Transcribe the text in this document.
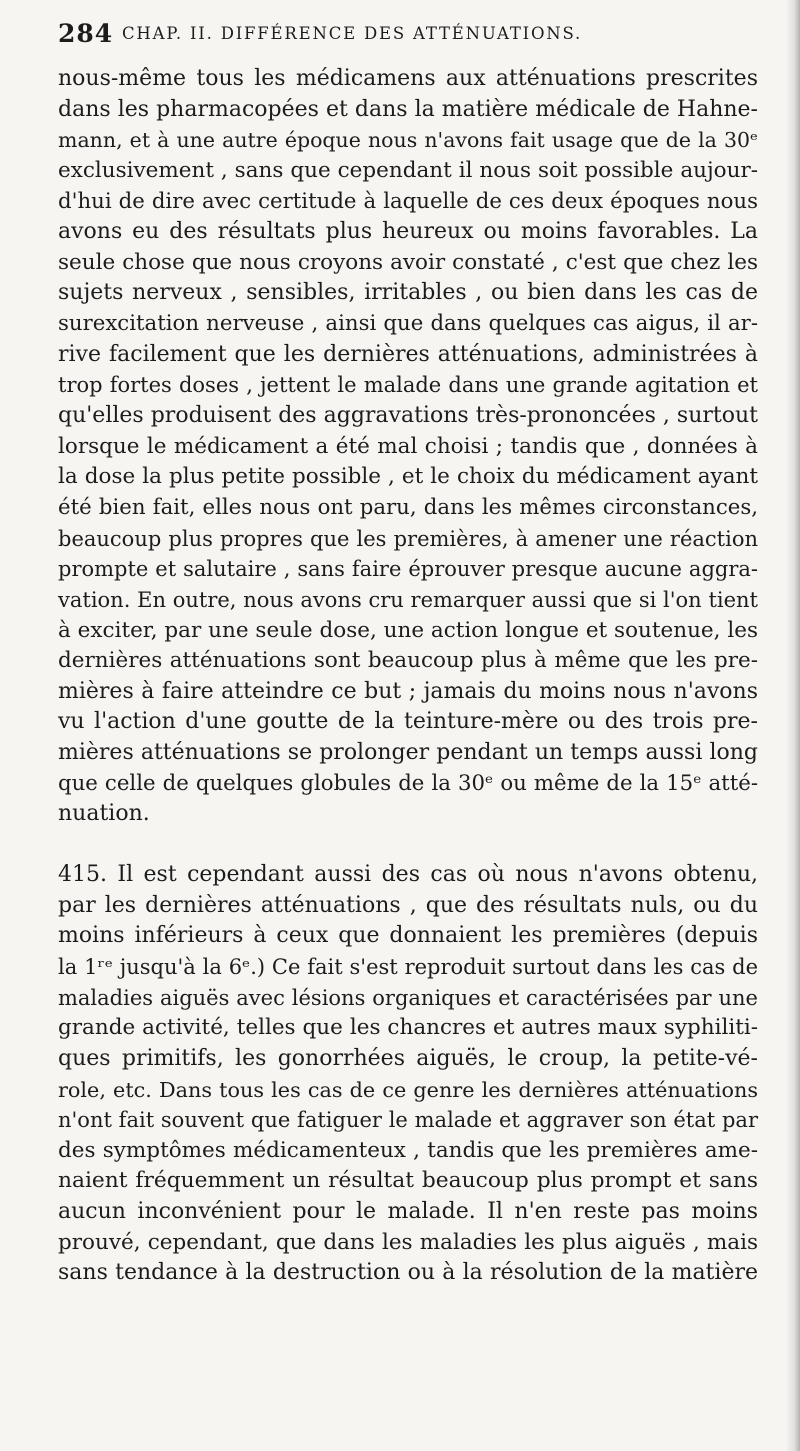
284 CHAP. II. DIFFÉRENCE DES ATTÉNUATIONS.
nous-même tous les médicamens aux atténuations prescrites
dans les pharmacopées et dans la matière médicale de Hahne-
mann, et à une autre époque nous n'avons fait usage que de la 30ᵉ
exclusivement , sans que cependant il nous soit possible aujour-
d'hui de dire avec certitude à laquelle de ces deux époques nous
avons eu des résultats plus heureux ou moins favorables. La
seule chose que nous croyons avoir constaté , c'est que chez les
sujets nerveux , sensibles, irritables , ou bien dans les cas de
surexcitation nerveuse , ainsi que dans quelques cas aigus, il ar-
rive facilement que les dernières atténuations, administrées à
trop fortes doses , jettent le malade dans une grande agitation et
qu'elles produisent des aggravations très-prononcées , surtout
lorsque le médicament a été mal choisi ; tandis que , données à
la dose la plus petite possible , et le choix du médicament ayant
été bien fait, elles nous ont paru, dans les mêmes circonstances,
beaucoup plus propres que les premières, à amener une réaction
prompte et salutaire , sans faire éprouver presque aucune aggra-
vation. En outre, nous avons cru remarquer aussi que si l'on tient
à exciter, par une seule dose, une action longue et soutenue, les
dernières atténuations sont beaucoup plus à même que les pre-
mières à faire atteindre ce but ; jamais du moins nous n'avons
vu l'action d'une goutte de la teinture-mère ou des trois pre-
mières atténuations se prolonger pendant un temps aussi long
que celle de quelques globules de la 30ᵉ ou même de la 15ᵉ atté-
nuation.
415. Il est cependant aussi des cas où nous n'avons obtenu,
par les dernières atténuations , que des résultats nuls, ou du
moins inférieurs à ceux que donnaient les premières (depuis
la 1ʳᵉ jusqu'à la 6ᵉ.) Ce fait s'est reproduit surtout dans les cas de
maladies aiguës avec lésions organiques et caractérisées par une
grande activité, telles que les chancres et autres maux syphiliti-
ques primitifs, les gonorrhées aiguës, le croup, la petite-vé-
role, etc. Dans tous les cas de ce genre les dernières atténuations
n'ont fait souvent que fatiguer le malade et aggraver son état par
des symptômes médicamenteux , tandis que les premières ame-
naient fréquemment un résultat beaucoup plus prompt et sans
aucun inconvénient pour le malade. Il n'en reste pas moins
prouvé, cependant, que dans les maladies les plus aiguës , mais
sans tendance à la destruction ou à la résolution de la matière
